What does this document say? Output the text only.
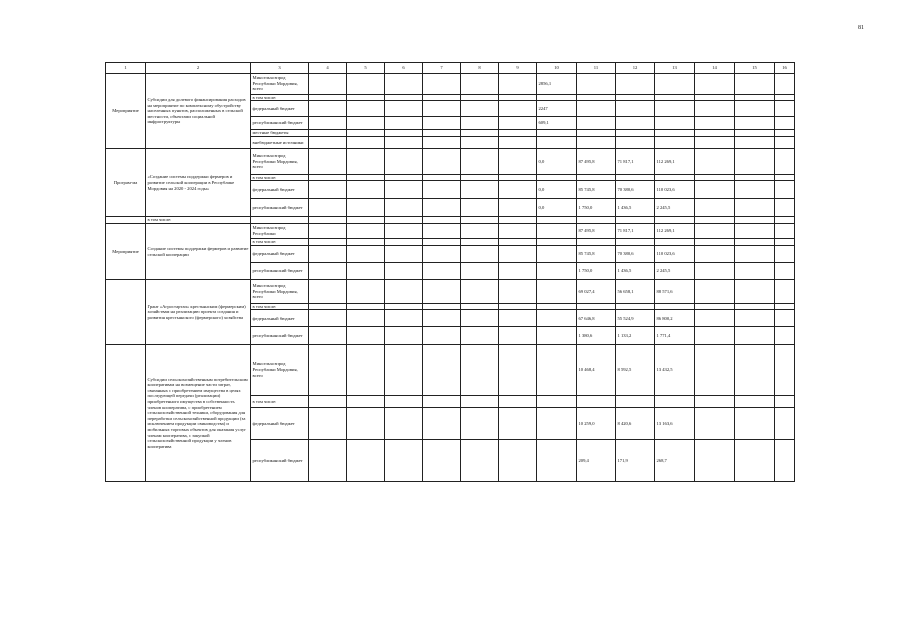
81
1	2	3	4	5	6	7	8	9	10	11	12	13	14	15	16
Мероприятие	Субсидии для долевого финансирования расходов на мероприятие по комплексному обустройству населенных пунктов, расположенных в сельской местности, объектами социальной инфраструктуры	Минсельхозпрод Республики Мордовия, всего							2856,1						
		в том числе:													
		федеральный бюджет							2247						
		республиканский бюджет							609,1						
		местные бюджеты													
		внебюджетные источники													
Програм-ма	«Создание системы поддержки фермеров и развитие сельской кооперации в Республике Мордовия на 2020 - 2024 годы»	Минсельхозпрод Республики Мордовия, всего							0,0	87 495,8	71 817,1	112 269,1			
		в том числе:													
		федеральный бюджет							0,0	85 745,8	70 380,6	110 023,6			
		республиканский бюджет							0,0	1 750,0	1 436,5	2 245,5			
	в том числе:														
Мероприятие	Создание системы поддержки фермеров и развитие сельской кооперации	Минсельхозпрод Республики								87 495,8	71 817,1	112 269,1			
		в том числе:													
		федеральный бюджет								85 745,8	70 380,6	110 023,6			
		республиканский бюджет								1 750,0	1 436,5	2 245,5			
	Грант «Агростартап» крестьянским (фермерским) хозяйствам на реализацию проекта создания и развития крестьянского (фермерского) хозяйства	Минсельхозпрод Республики Мордовия, всего								69 027,4	56 658,1	88 571,6			
		в том числе:													
		федеральный бюджет								67 646,8	55 524,9	86 800,2			
		республиканский бюджет								1 380,6	1 133,2	1 771,4			
	Субсидии сельскохозяйственным потребительским кооперативам на возмещение части затрат, связанных с приобретением имущества в целях последующей передачи (реализации) приобретенного имущества в собственность членов кооператива, с приобретением сельскохозяйственной техники, оборудования для переработки сельскохозяйственной продукции (за исключением продукции свиноводства) и мобильных торговых объектов для оказания услуг членам кооператива, с закупкой сельскохозяйственной продукции у членов кооператива	Минсельхозпрод Республики Мордовия, всего								10 468,4	8 592,5	13 432,5			
		в том числе:													
		федеральный бюджет								10 259,0	8 420,6	13 163,6			
		республиканский бюджет								209,4	171,9	268,7			
